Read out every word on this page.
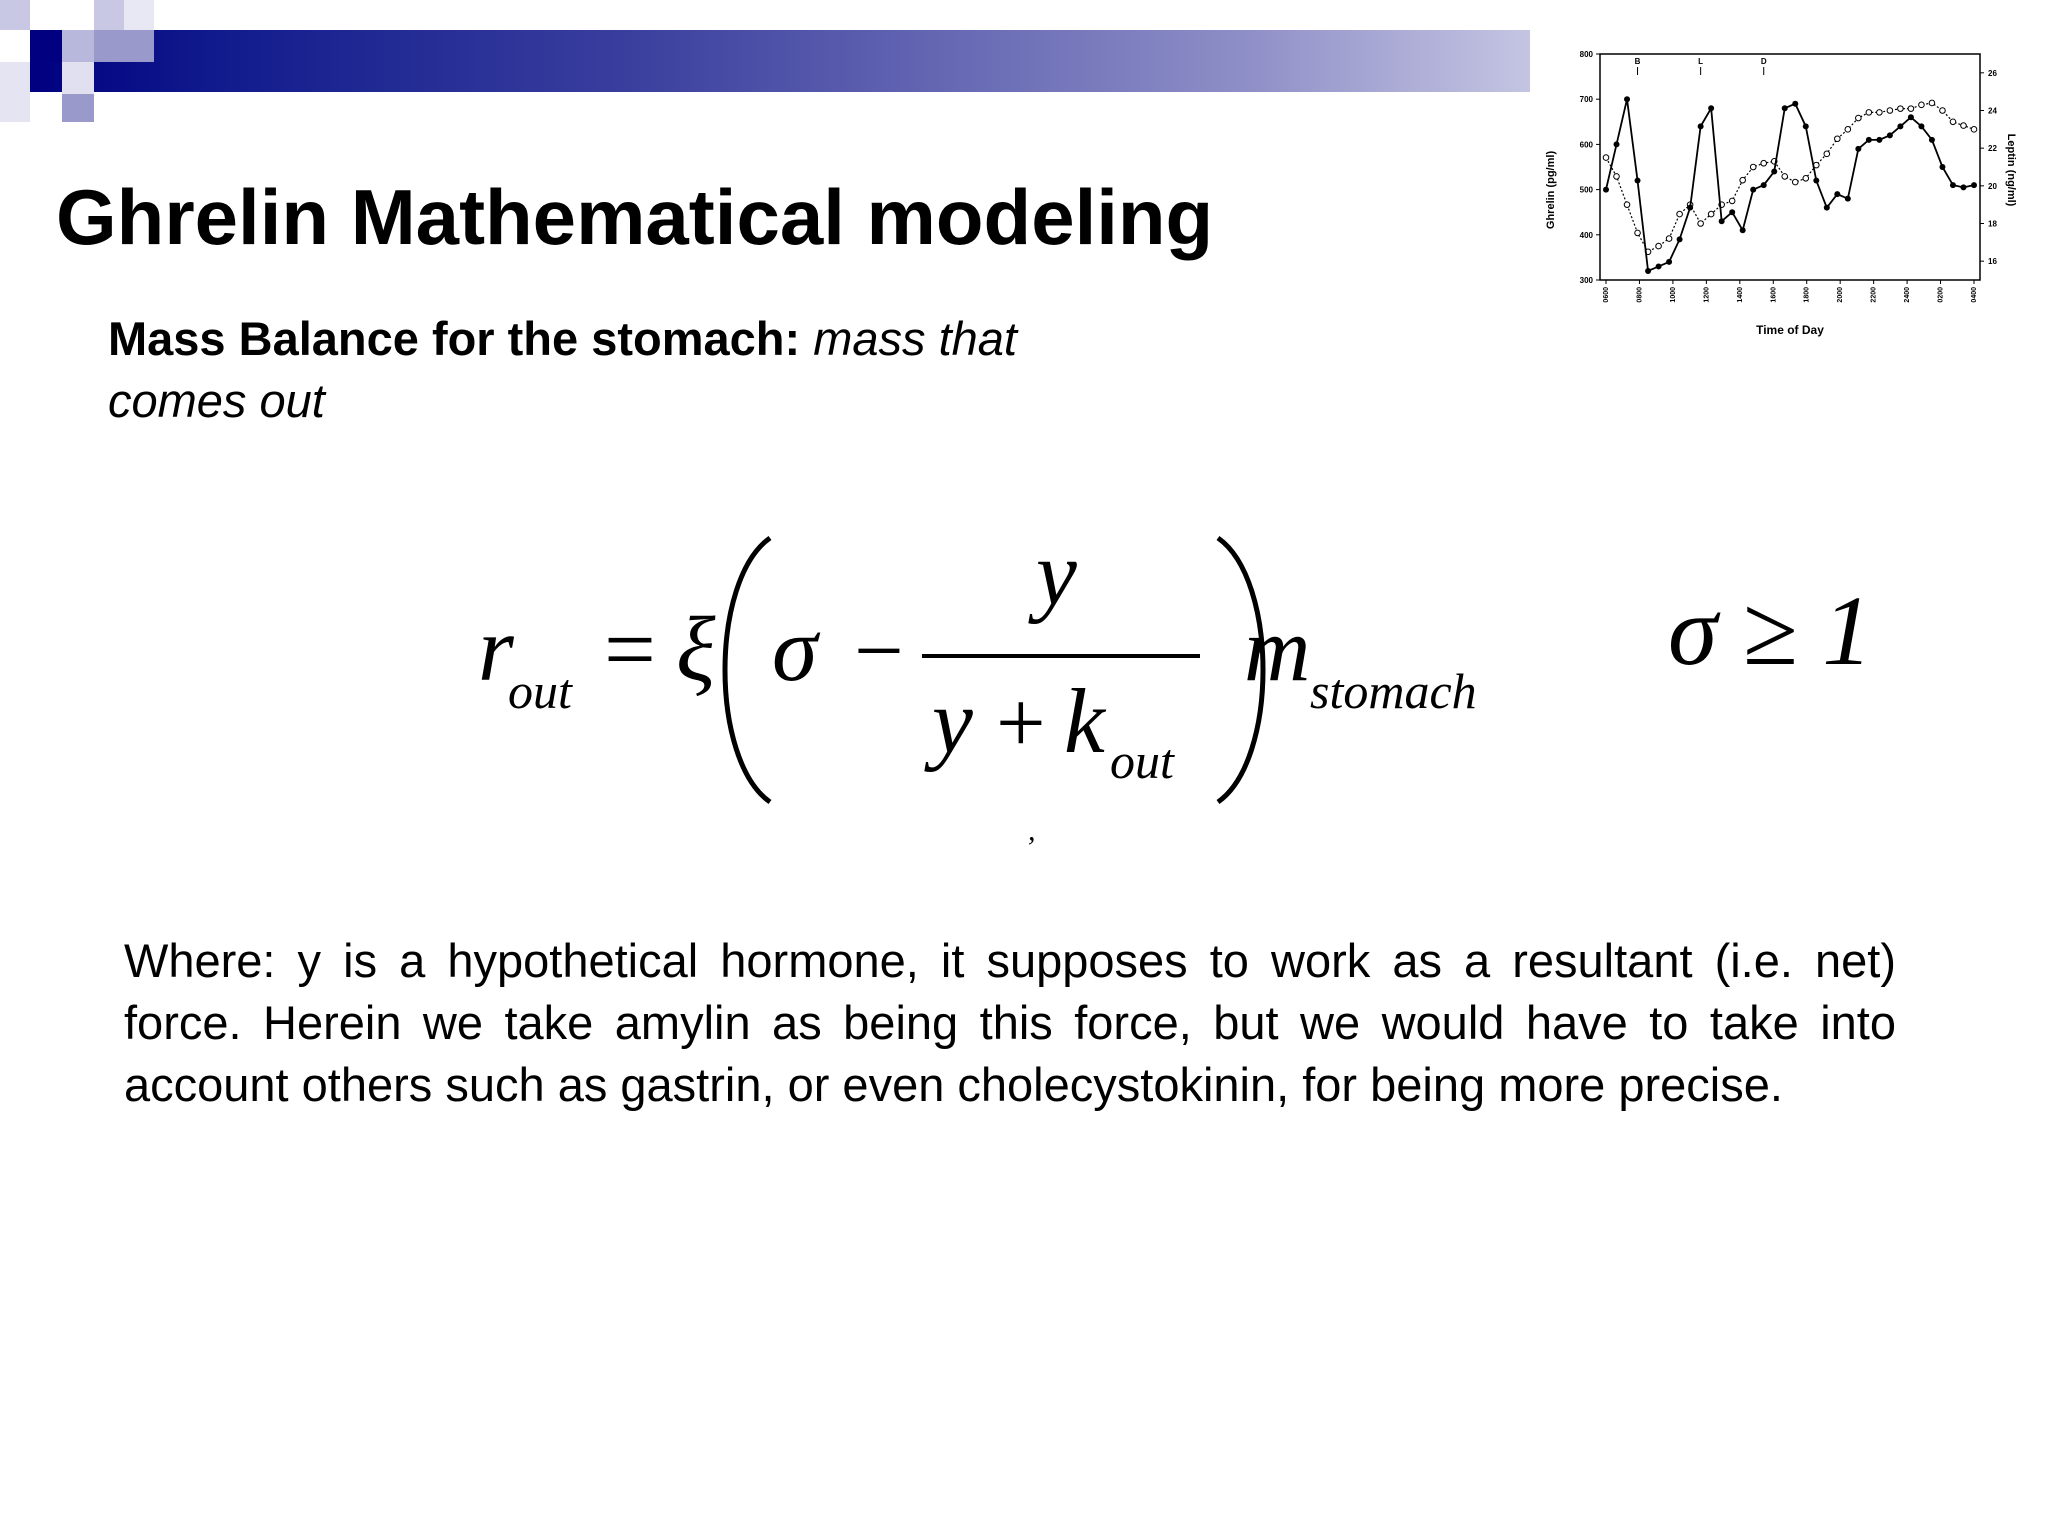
Ghrelin Mathematical modeling
Mass Balance for the stomach: mass that comes out
r
out = ξ σ −
y
y + k out
m stomach
,
σ ≥ 1
Where: y is a hypothetical hormone, it supposes to work as a resultant (i.e. net) force. Herein we take amylin as being this force, but we would have to take into account others such as gastrin, or even cholecystokinin, for being more precise.
Ghrelin (pg/ml)	Leptin (ng/ml)
Time of Day
300
400
500
600
700
800
16
18
20
22
24
26
0600	0800	1000	1200	1400	1600	1800	2000	2200	2400	0200	0400
B	L	D
